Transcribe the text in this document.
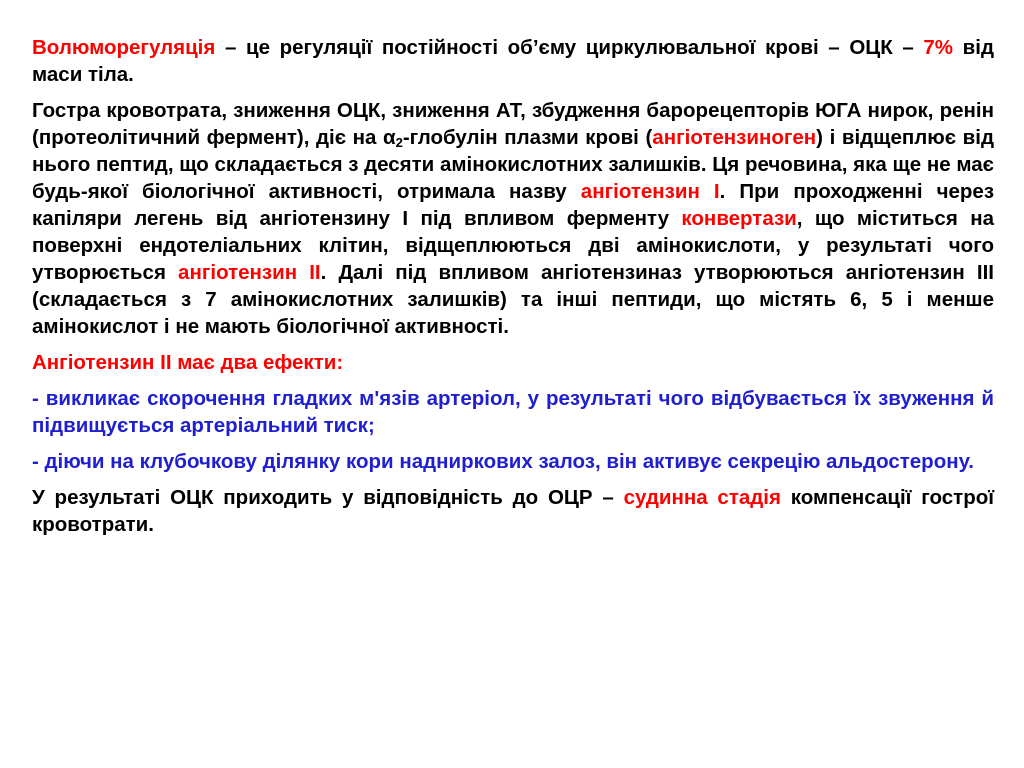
Волюморегуляція – це регуляції постійності об’єму циркулювальної крові – ОЦК – 7% від маси тіла.

Гостра кровотрата, зниження ОЦК, зниження АТ, збудження барорецепторів ЮГА нирок, ренін (протеолітичний фермент), діє на $\alpha_2$-глобулін плазми крові (ангіотензиноген) і відщеплює від нього пептид, що складається з десяти амінокислотних залишків. Ця речовина, яка ще не має будь-якої біологічної активності, отримала назву ангіотензин І. При проходженні через капіляри легень від ангіотензину І під впливом ферменту конвертази, що міститься на поверхні ендотеліальних клітин, відщеплюються дві амінокислоти, у результаті чого утворюється ангіотензин ІІ. Далі під впливом ангіотензиназ утворюються ангіотензин ІІІ (складається з 7 амінокислотних залишків) та інші пептиди, що містять 6, 5 і менше амінокислот і не мають біологічної активності.

Ангіотензин ІІ має два ефекти:

- викликає скорочення гладких м'язів артеріол, у результаті чого відбувається їх звуження й підвищується артеріальний тиск;

- діючи на клубочкову ділянку кори надниркових залоз, він активує секрецію альдостерону.

У результаті ОЦК приходить у відповідність до ОЦР – судинна стадія компенсації гострої кровотрати.
